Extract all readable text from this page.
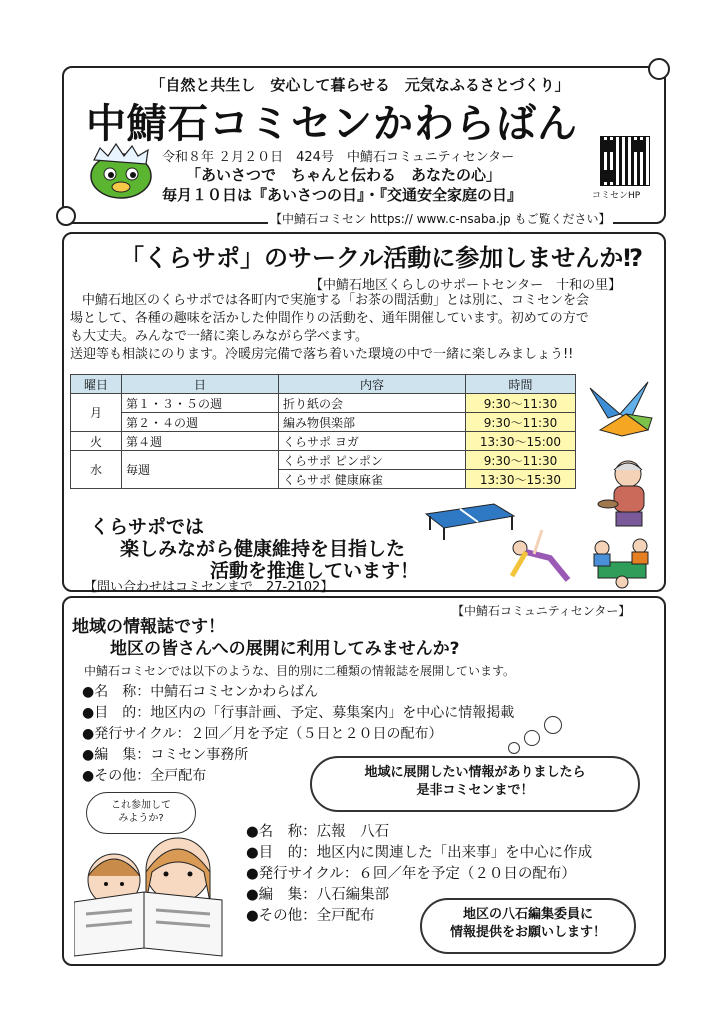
「自然と共生し　安心して暮らせる　元気なふるさとづくり」
中鯖石コミセンかわらばん
令和８年 ２月２０日　424号　中鯖石コミュニティセンター
「あいさつで　ちゃんと伝わる　あなたの心」
毎月１０日は『あいさつの日』・『交通安全家庭の日』	コミセンHP
【中鯖石コミセン https:// www.c-nsaba.jp もご覧ください】
「くらサポ」のサークル活動に参加しませんか⁉
【中鯖石地区くらしのサポートセンター　十和の里】

中鯖石地区のくらサポでは各町内で実施する「お茶の間活動」とは別に、コミセンを会

場として、各種の趣味を活かした仲間作りの活動を、通年開催しています。初めての方で

も大丈夫。みんなで一緒に楽しみながら学べます。

送迎等も相談にのります。冷暖房完備で落ち着いた環境の中で一緒に楽しみましょう!!

曜日	日	内容	時間
月	第１・３・５の週	折り紙の会	9:30～11:30
	第２・４の週	編み物倶楽部	9:30～11:30
火	第４週	くらサポ ヨガ	13:30～15:00
水	毎週	くらサポ ピンポン	9:30～11:30
		くらサポ 健康麻雀	13:30～15:30
くらサポでは
楽しみながら健康維持を目指した
活動を推進しています！
【問い合わせはコミセンまで　27-2102】
【中鯖石コミュニティセンター】
地域の情報誌です！
地区の皆さんへの展開に利用してみませんか?
中鯖石コミセンでは以下のような、目的別に二種類の情報誌を展開しています。
●名　称：中鯖石コミセンかわらばん
●目　的：地区内の「行事計画、予定、募集案内」を中心に情報掲載
●発行サイクル：２回／月を予定（５日と２０日の配布）
●編　集：コミセン事務所
●その他：全戸配布	地域に展開したい情報がありましたら
是非コミセンまで！
これ参加して
みようか?
●名　称：広報　八石
●目　的：地区内に関連した「出来事」を中心に作成
●発行サイクル：６回／年を予定（２０日の配布）
●編　集：八石編集部
●その他：全戸配布	地区の八石編集委員に
情報提供をお願いします！
